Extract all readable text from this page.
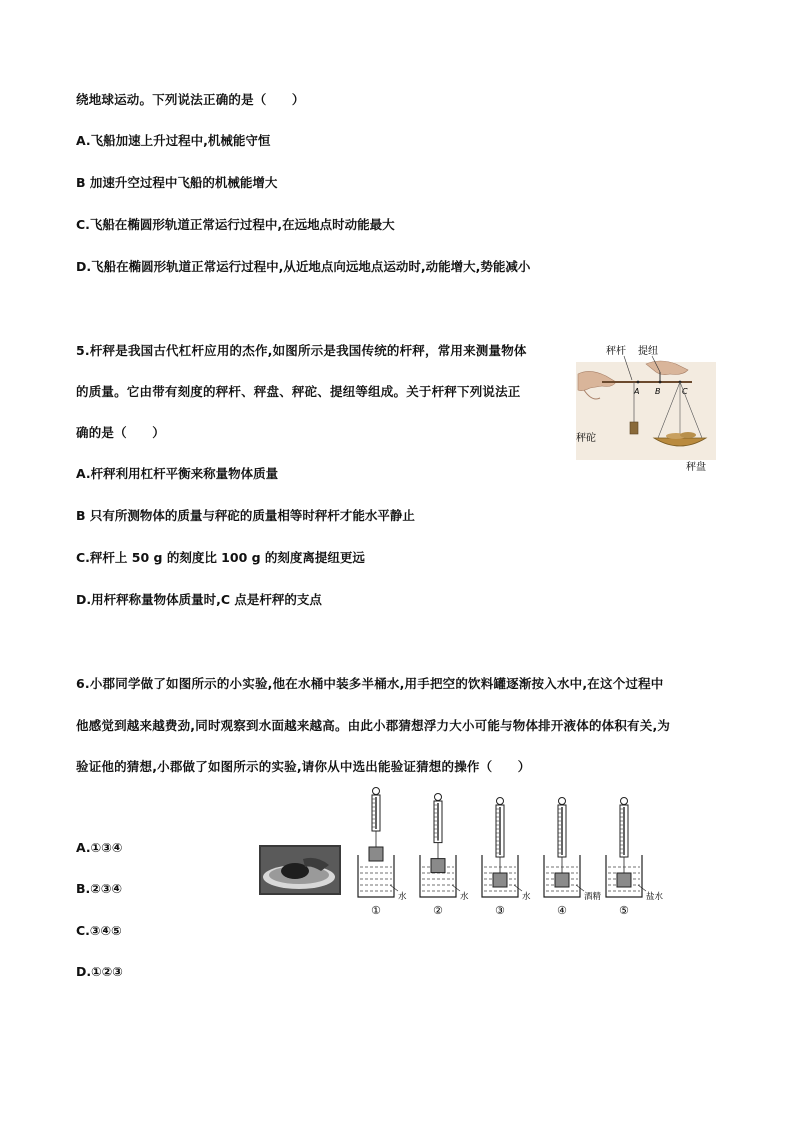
绕地球运动。下列说法正确的是（　　）
A.飞船加速上升过程中,机械能守恒
B 加速升空过程中飞船的机械能增大
C.飞船在椭圆形轨道正常运行过程中,在远地点时动能最大
D.飞船在椭圆形轨道正常运行过程中,从近地点向远地点运动时,动能增大,势能减小
5.杆秤是我国古代杠杆应用的杰作,如图所示是我国传统的杆秤，常用来测量物体
的质量。它由带有刻度的秤杆、秤盘、秤砣、提纽等组成。关于杆秤下列说法正
确的是（　　）
A.杆秤利用杠杆平衡来称量物体质量
B 只有所测物体的质量与秤砣的质量相等时秤杆才能水平静止
C.秤杆上 50 g 的刻度比 100 g 的刻度离提纽更远
D.用杆秤称量物体质量时,C 点是杆秤的支点
A B	C
秤杆 提纽
秤砣
秤盘
6.小郡同学做了如图所示的小实验,他在水桶中装多半桶水,用手把空的饮料罐逐渐按入水中,在这个过程中
他感觉到越来越费劲,同时观察到水面越来越高。由此小郡猜想浮力大小可能与物体排开液体的体积有关,为
验证他的猜想,小郡做了如图所示的实验,请你从中选出能验证猜想的操作（　　）
A.①③④
B.②③④
C.③④⑤
D.①②③
水
①
水
②
水
③
酒精
④
盐水
⑤
